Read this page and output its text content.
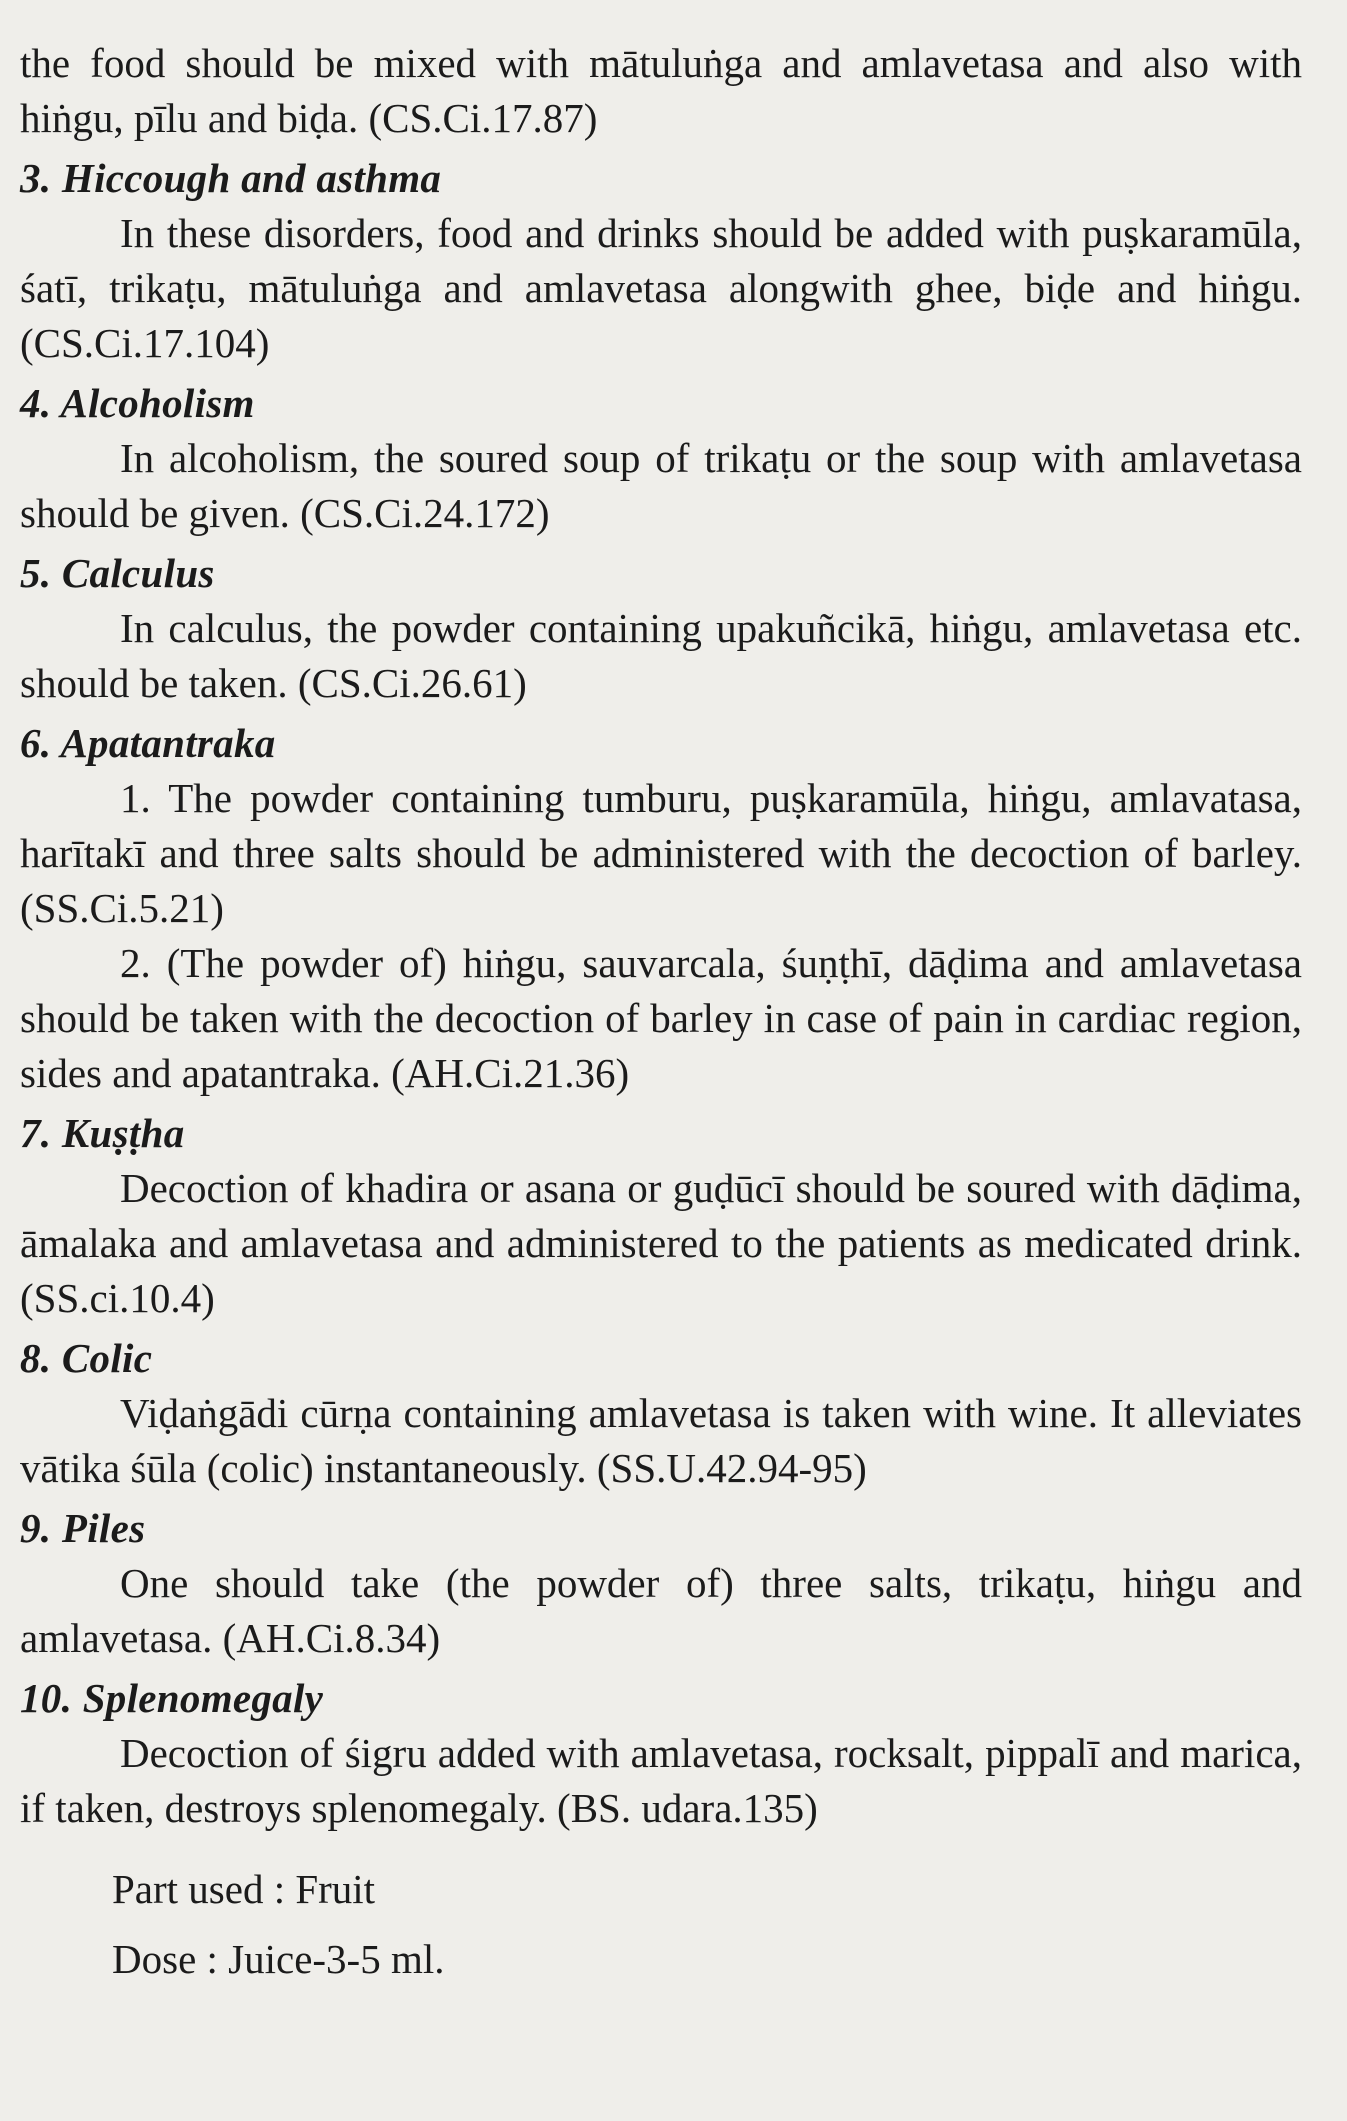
the food should be mixed with mātuluṅga and amlavetasa and also with hiṅgu, pīlu and biḍa. (CS.Ci.17.87)

3. Hiccough and asthma

In these disorders, food and drinks should be added with puṣkaramūla, śatī, trikaṭu, mātuluṅga and amlavetasa alongwith ghee, biḍe and hiṅgu. (CS.Ci.17.104)

4. Alcoholism

In alcoholism, the soured soup of trikaṭu or the soup with amlavetasa should be given. (CS.Ci.24.172)

5. Calculus

In calculus, the powder containing upakuñcikā, hiṅgu, amlavetasa etc. should be taken. (CS.Ci.26.61)

6. Apatantraka

1. The powder containing tumburu, puṣkaramūla, hiṅgu, amlavatasa, harītakī and three salts should be administered with the decoction of barley. (SS.Ci.5.21)

2. (The powder of) hiṅgu, sauvarcala, śuṇṭhī, dāḍima and amlavetasa should be taken with the decoction of barley in case of pain in cardiac region, sides and apatantraka. (AH.Ci.21.36)

7. Kuṣṭha

Decoction of khadira or asana or guḍūcī should be soured with dāḍima, āmalaka and amlavetasa and administered to the patients as medicated drink. (SS.ci.10.4)

8. Colic

Viḍaṅgādi cūrṇa containing amlavetasa is taken with wine. It alleviates vātika śūla (colic) instantaneously. (SS.U.42.94-95)

9. Piles

One should take (the powder of) three salts, trikaṭu, hiṅgu and amlavetasa. (AH.Ci.8.34)

10. Splenomegaly

Decoction of śigru added with amlavetasa, rocksalt, pippalī and marica, if taken, destroys splenomegaly. (BS. udara.135)

Part used : Fruit

Dose : Juice-3-5 ml.
